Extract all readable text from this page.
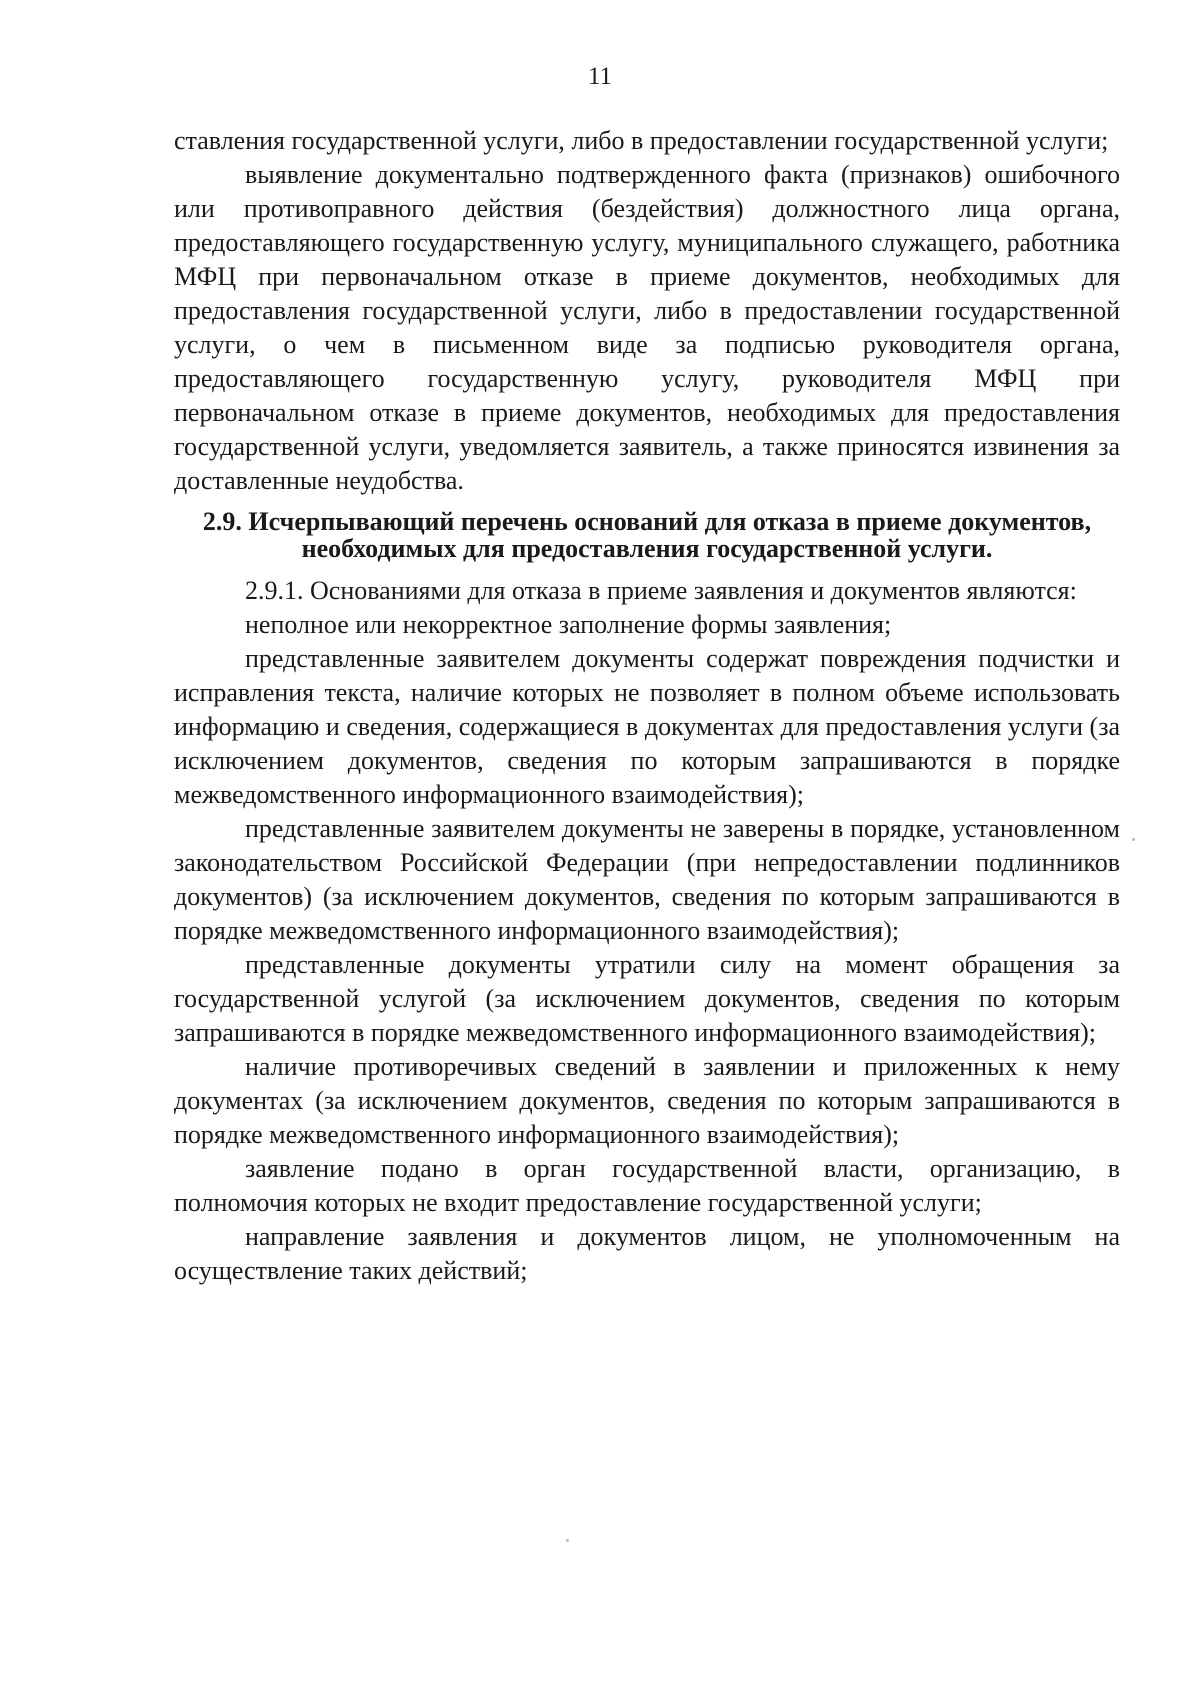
11

ставления государственной услуги, либо в предоставлении государственной услуги;

выявление документально подтвержденного факта (признаков) ошибочного или противоправного действия (бездействия) должностного лица органа, предоставляющего государственную услугу, муниципального служащего, работника МФЦ при первоначальном отказе в приеме документов, необходимых для предоставления государственной услуги, либо в предоставлении государственной услуги, о чем в письменном виде за подписью руководителя органа, предоставляющего государственную услугу, руководителя МФЦ при первоначальном отказе в приеме документов, необходимых для предоставления государственной услуги, уведомляется заявитель, а также приносятся извинения за доставленные неудобства.

2.9. Исчерпывающий перечень оснований для отказа в приеме документов, необходимых для предоставления государственной услуги.

2.9.1. Основаниями для отказа в приеме заявления и документов являются:

неполное или некорректное заполнение формы заявления;

представленные заявителем документы содержат повреждения подчистки и исправления текста, наличие которых не позволяет в полном объеме использовать информацию и сведения, содержащиеся в документах для предоставления услуги (за исключением документов, сведения по которым запрашиваются в порядке межведомственного информационного взаимодействия);

представленные заявителем документы не заверены в порядке, установленном законодательством Российской Федерации (при непредоставлении подлинников документов) (за исключением документов, сведения по которым запрашиваются в порядке межведомственного информационного взаимодействия);

представленные документы утратили силу на момент обращения за государственной услугой (за исключением документов, сведения по которым запрашиваются в порядке межведомственного информационного взаимодействия);

наличие противоречивых сведений в заявлении и приложенных к нему документах (за исключением документов, сведения по которым запрашиваются в порядке межведомственного информационного взаимодействия);

заявление подано в орган государственной власти, организацию, в полномочия которых не входит предоставление государственной услуги;

направление заявления и документов лицом, не уполномоченным на осуществление таких действий;
